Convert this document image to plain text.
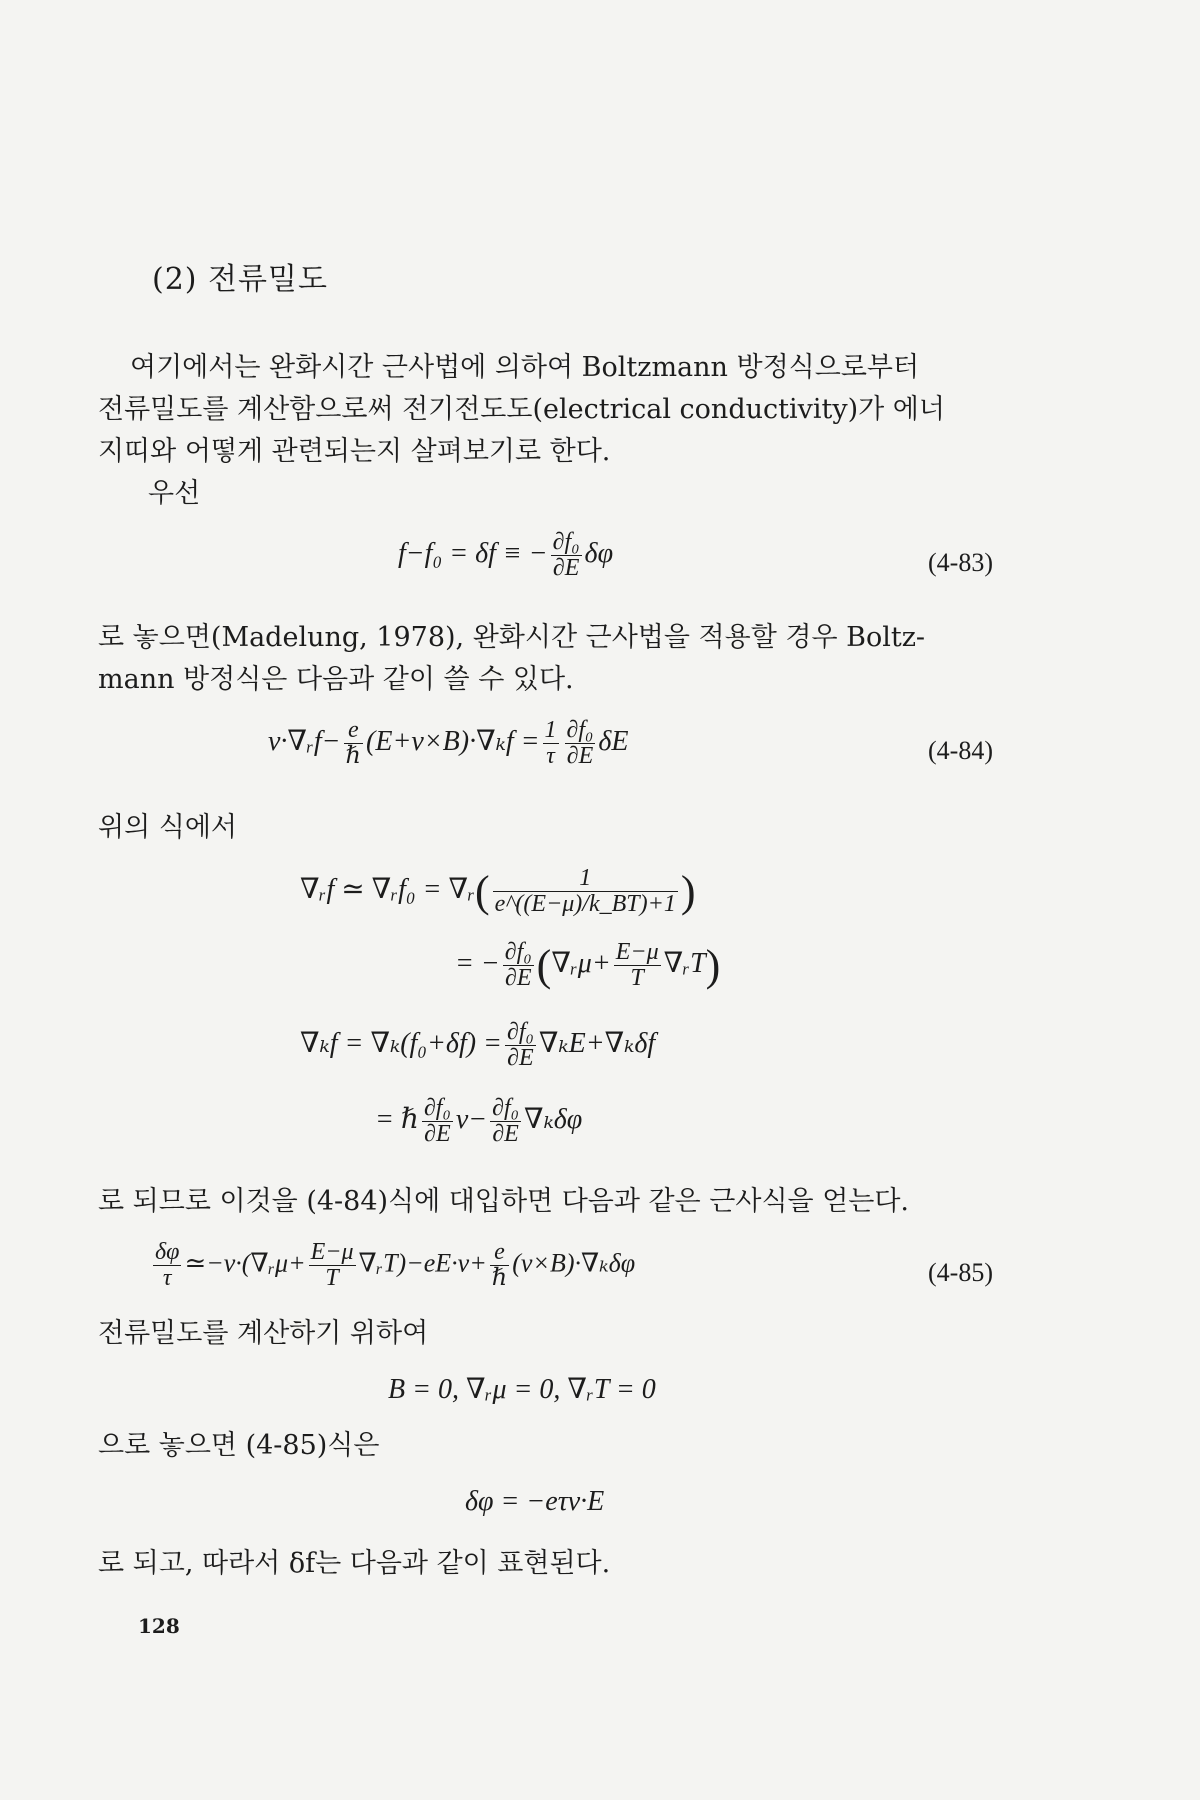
(2) 전류밀도
여기에서는 완화시간 근사법에 의하여 Boltzmann 방정식으로부터
전류밀도를 계산함으로써 전기전도도(electrical conductivity)가 에너
지띠와 어떻게 관련되는지 살펴보기로 한다.
우선
f−f₀ = δf ≡ − $\frac{\text{∂f₀}}{\partial E}$ δφ	(4-83)
로 놓으면(Madelung, 1978), 완화시간 근사법을 적용할 경우 Boltz-
mann 방정식은 다음과 같이 쓸 수 있다.
v·∇ᵣf− $\frac{e}{\text{ℏ}} (E+v\times B)\cdot\nabla_kf = \frac{1}{\tau} \frac{\text{∂f₀}}{\partial E}$ δE	(4-84)
위의 식에서
∇ᵣf ≃ ∇ᵣf₀ = ∇ᵣ( $\frac{1}{e\^{}((E-\mu)/k\_BT)+1}$ )
= − $\frac{\text{∂f₀}}{\partial E}$ (∇ᵣμ+ $\frac{E-\mu}{T}$ ∇ᵣT)
$\nabla_kf = \nabla_k(f_0+\delta f) = \frac{\text{∂f₀}}{\partial E} \nabla_kE+\nabla_k\delta f$
= ℏ $\frac{\text{∂f₀}}{\partial E} v- \frac{\text{∂f₀}}{\partial E} \nabla_k\delta\varphi$
로 되므로 이것을 (4-84)식에 대입하면 다음과 같은 근사식을 얻는다.
$\frac{\delta\varphi}{\tau}$ ≃−v·(∇ᵣμ+ $\frac{E-\mu}{T}$ ∇ᵣT)−eE·v+ $\frac{e}{\text{ℏ}} (v\times B)\cdot\nabla_k\delta\varphi$	(4-85)
전류밀도를 계산하기 위하여
B = 0, ∇ᵣμ = 0, ∇ᵣT = 0
으로 놓으면 (4-85)식은
δφ = −eτv·E
로 되고, 따라서 δf는 다음과 같이 표현된다.
128
